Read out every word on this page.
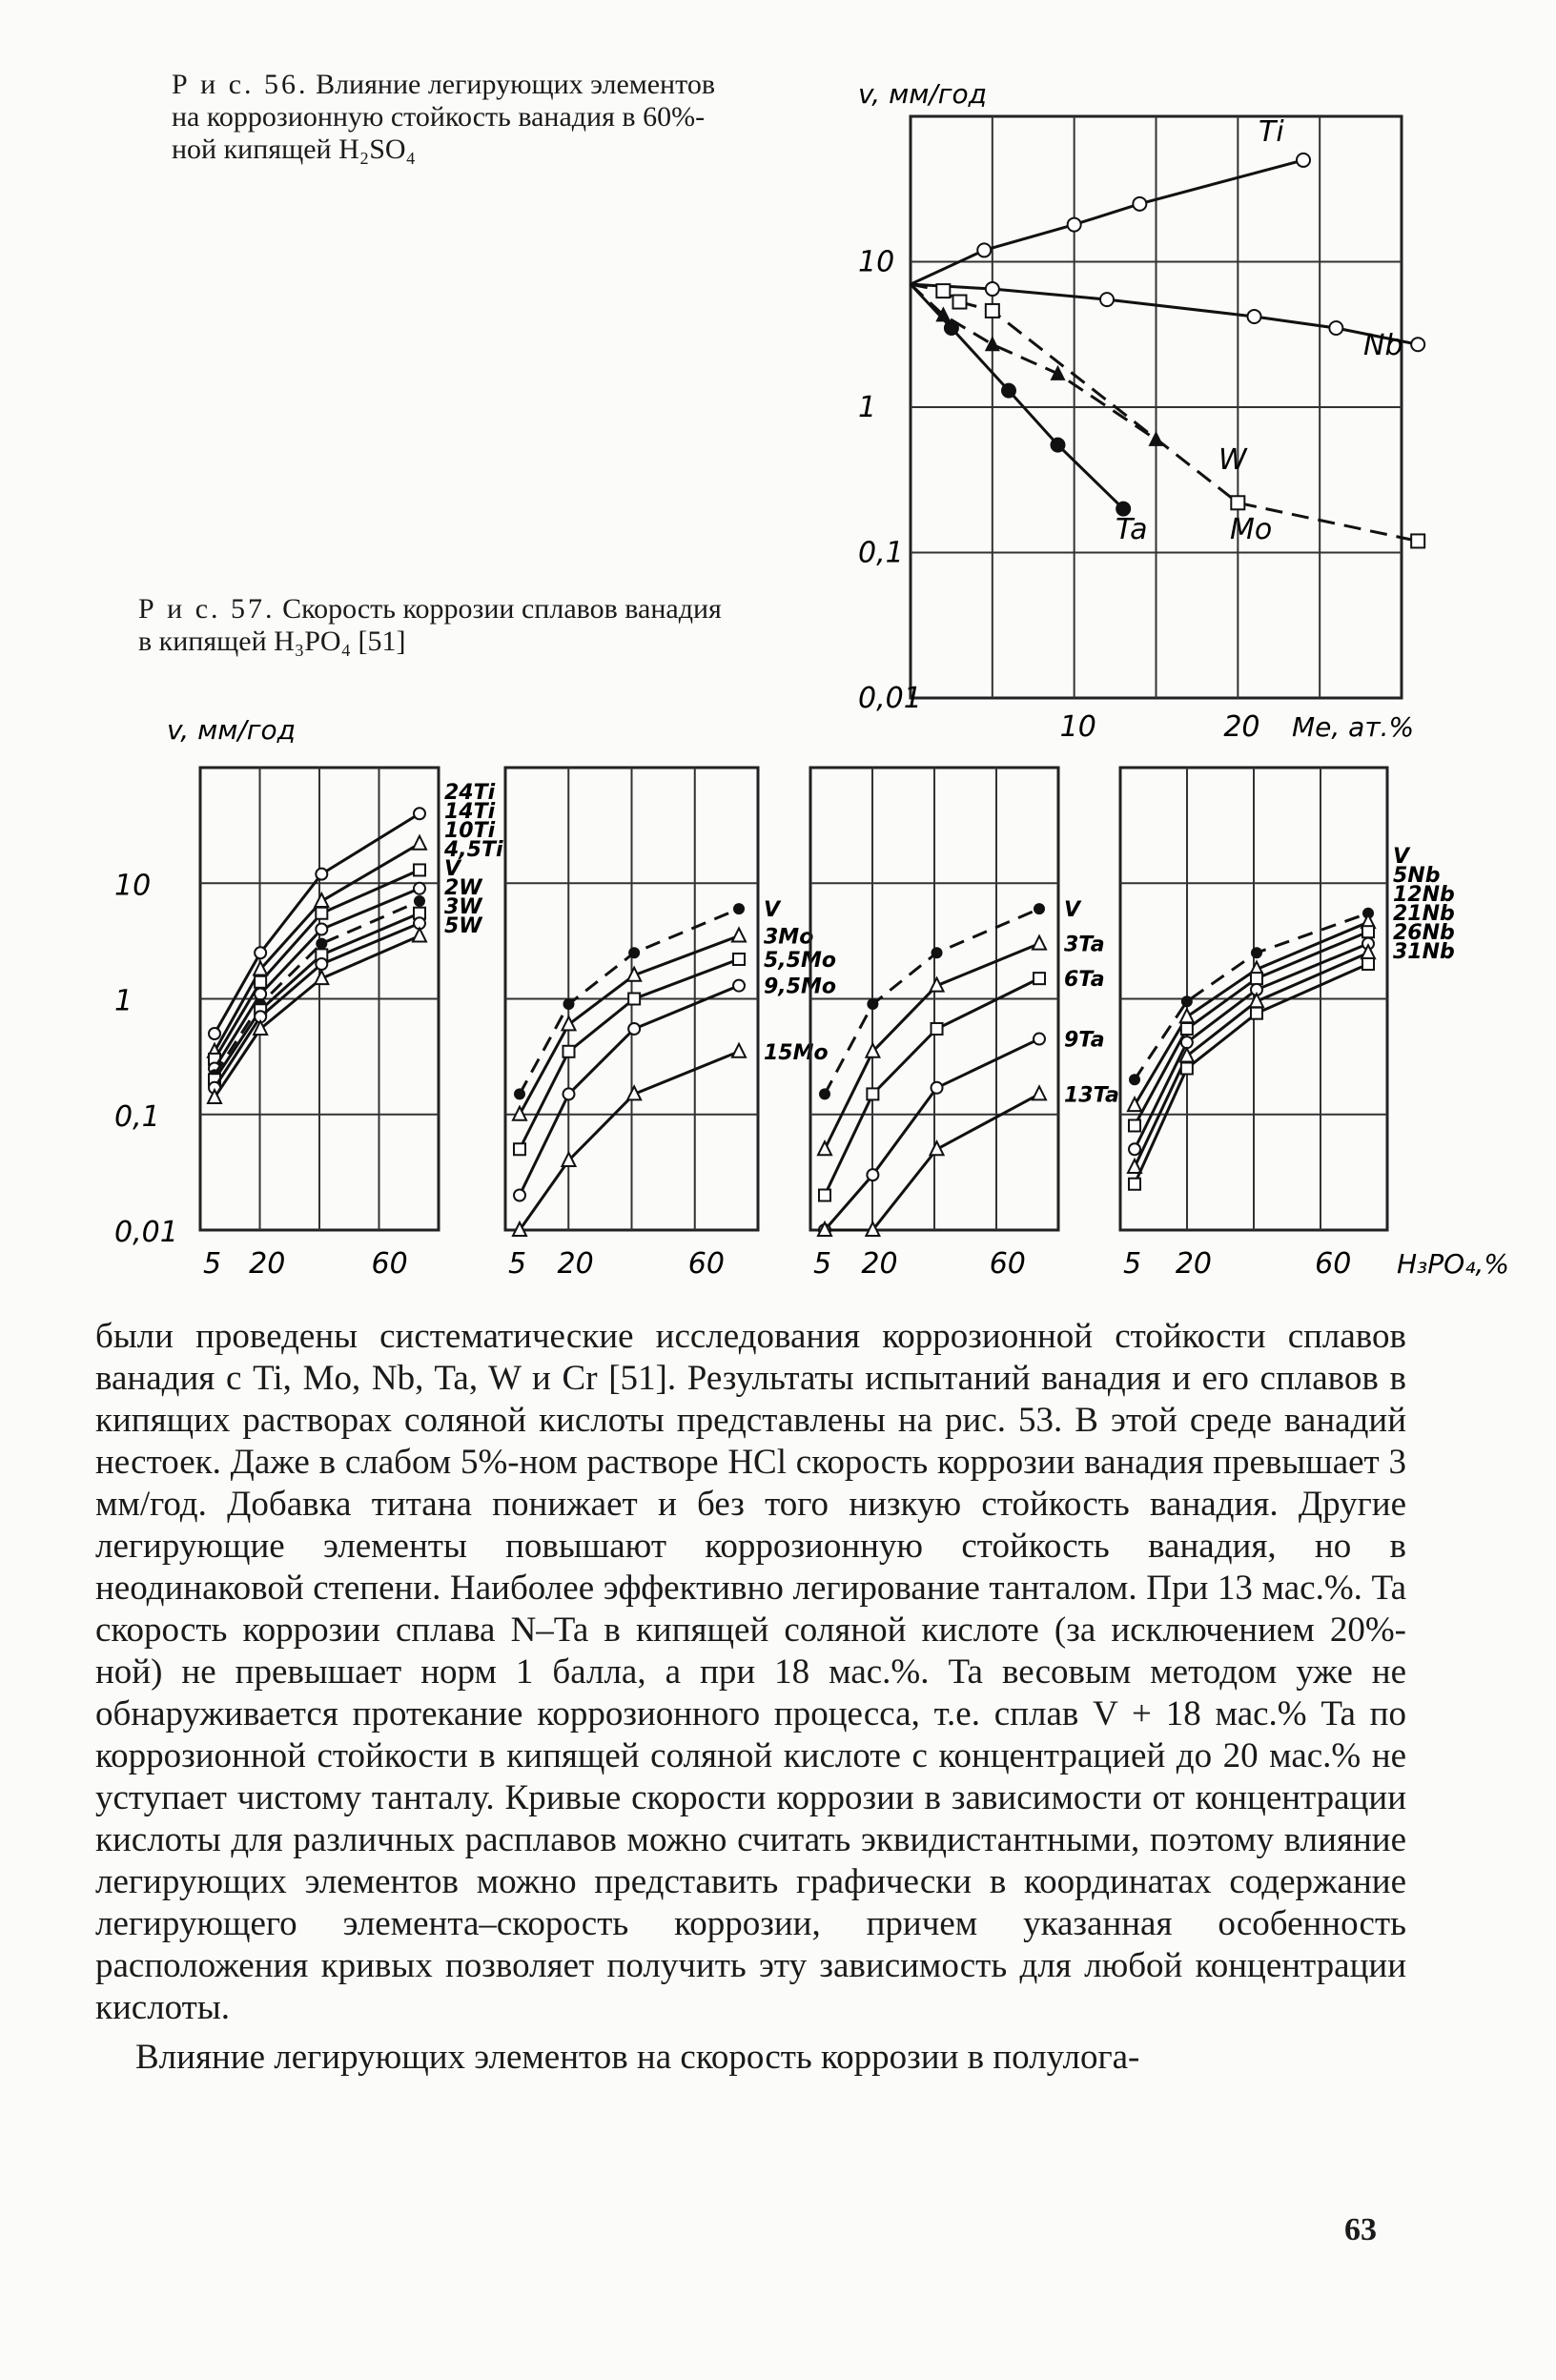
Р и с. 56. Влияние легирующих элементов на коррозионную стойкость ванадия в 60%-ной кипящей H₂SO₄
Р и с. 57. Скорость коррозии сплавов ванадия в кипящей H₃PO₄ [51]
0,01
0,1
1
10
10	20 Me, ат.%
v, мм/год
Ti
Nb
W
Mo
Ta
5 20	60
0,01
0,1
1
10
v, мм/год
24Ti
14Ti
10Ti
4,5Ti
V
2W
3W
5W
5 20	60
V
3Mo
5,5Mo
9,5Mo
15Mo
5 20	60
V
3Ta
6Ta
9Ta
13Ta
5 20	60 H₃PO₄,%
V
5Nb
12Nb
21Nb
26Nb
31Nb

были проведены систематические исследования коррозионной стойкости сплавов ванадия с Ti, Mo, Nb, Ta, W и Cr [51]. Результаты испытаний ванадия и его сплавов в кипящих растворах соляной кислоты представлены на рис. 53. В этой среде ванадий нестоек. Даже в слабом 5%-ном растворе HCl скорость коррозии ванадия превышает 3 мм/год. Добавка титана понижает и без того низкую стойкость ванадия. Другие легирующие элементы повышают коррозионную стойкость ванадия, но в неодинаковой степени. Наиболее эффективно легирование танталом. При 13 мас.%. Ta скорость коррозии сплава N–Ta в кипящей соляной кислоте (за исключением 20%-ной) не превышает норм 1 балла, а при 18 мас.%. Ta весовым методом уже не обнаруживается протекание коррозионного процесса, т.е. сплав V + 18 мас.% Ta по коррозионной стойкости в кипящей соляной кислоте с концентрацией до 20 мас.% не уступает чистому танталу. Кривые скорости коррозии в зависимости от концентрации кислоты для различных расплавов можно считать эквидистантными, поэтому влияние легирующих элементов можно представить графически в координатах содержание легирующего элемента–скорость коррозии, причем указанная особенность расположения кривых позволяет получить эту зависимость для любой концентрации кислоты.

Влияние легирующих элементов на скорость коррозии в полулога-

63
